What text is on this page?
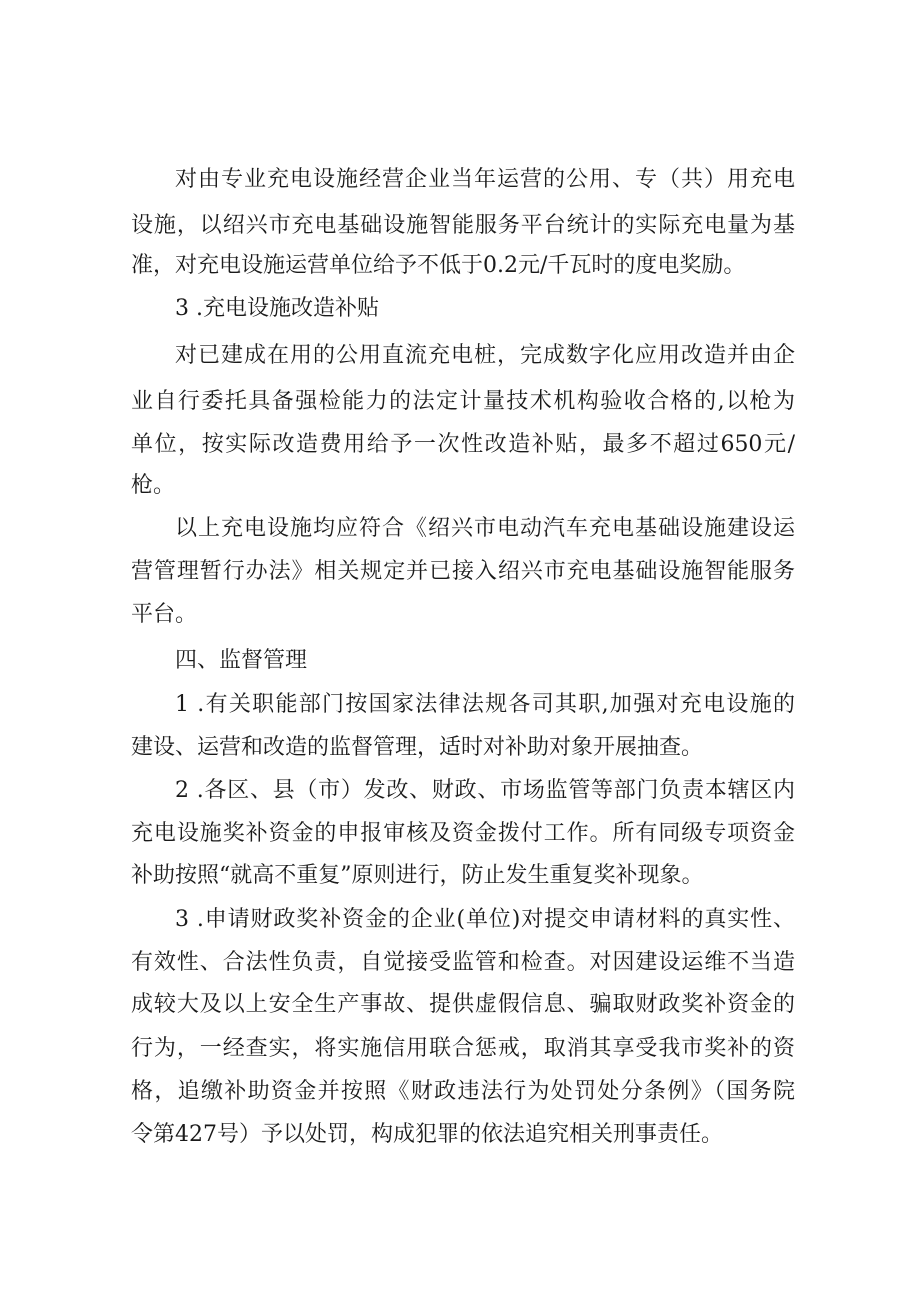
对由专业充电设施经营企业当年运营的公用、专（共）用充电
设施，以绍兴市充电基础设施智能服务平台统计的实际充电量为基
准，对充电设施运营单位给予不低于0.2元/千瓦时的度电奖励。
3 .充电设施改造补贴
对已建成在用的公用直流充电桩，完成数字化应用改造并由企
业自行委托具备强检能力的法定计量技术机构验收合格的,以枪为
单位，按实际改造费用给予一次性改造补贴，最多不超过650元/
枪。
以上充电设施均应符合《绍兴市电动汽车充电基础设施建设运
营管理暂行办法》相关规定并已接入绍兴市充电基础设施智能服务
平台。
四、监督管理
1 .有关职能部门按国家法律法规各司其职,加强对充电设施的
建设、运营和改造的监督管理，适时对补助对象开展抽查。
2 .各区、县（市）发改、财政、市场监管等部门负责本辖区内
充电设施奖补资金的申报审核及资金拨付工作。所有同级专项资金
补助按照“就高不重复”原则进行，防止发生重复奖补现象。
3 .申请财政奖补资金的企业(单位)对提交申请材料的真实性、
有效性、合法性负责，自觉接受监管和检查。对因建设运维不当造
成较大及以上安全生产事故、提供虚假信息、骗取财政奖补资金的
行为，一经查实，将实施信用联合惩戒，取消其享受我市奖补的资
格，追缴补助资金并按照《财政违法行为处罚处分条例》（国务院
令第427号）予以处罚，构成犯罪的依法追究相关刑事责任。
